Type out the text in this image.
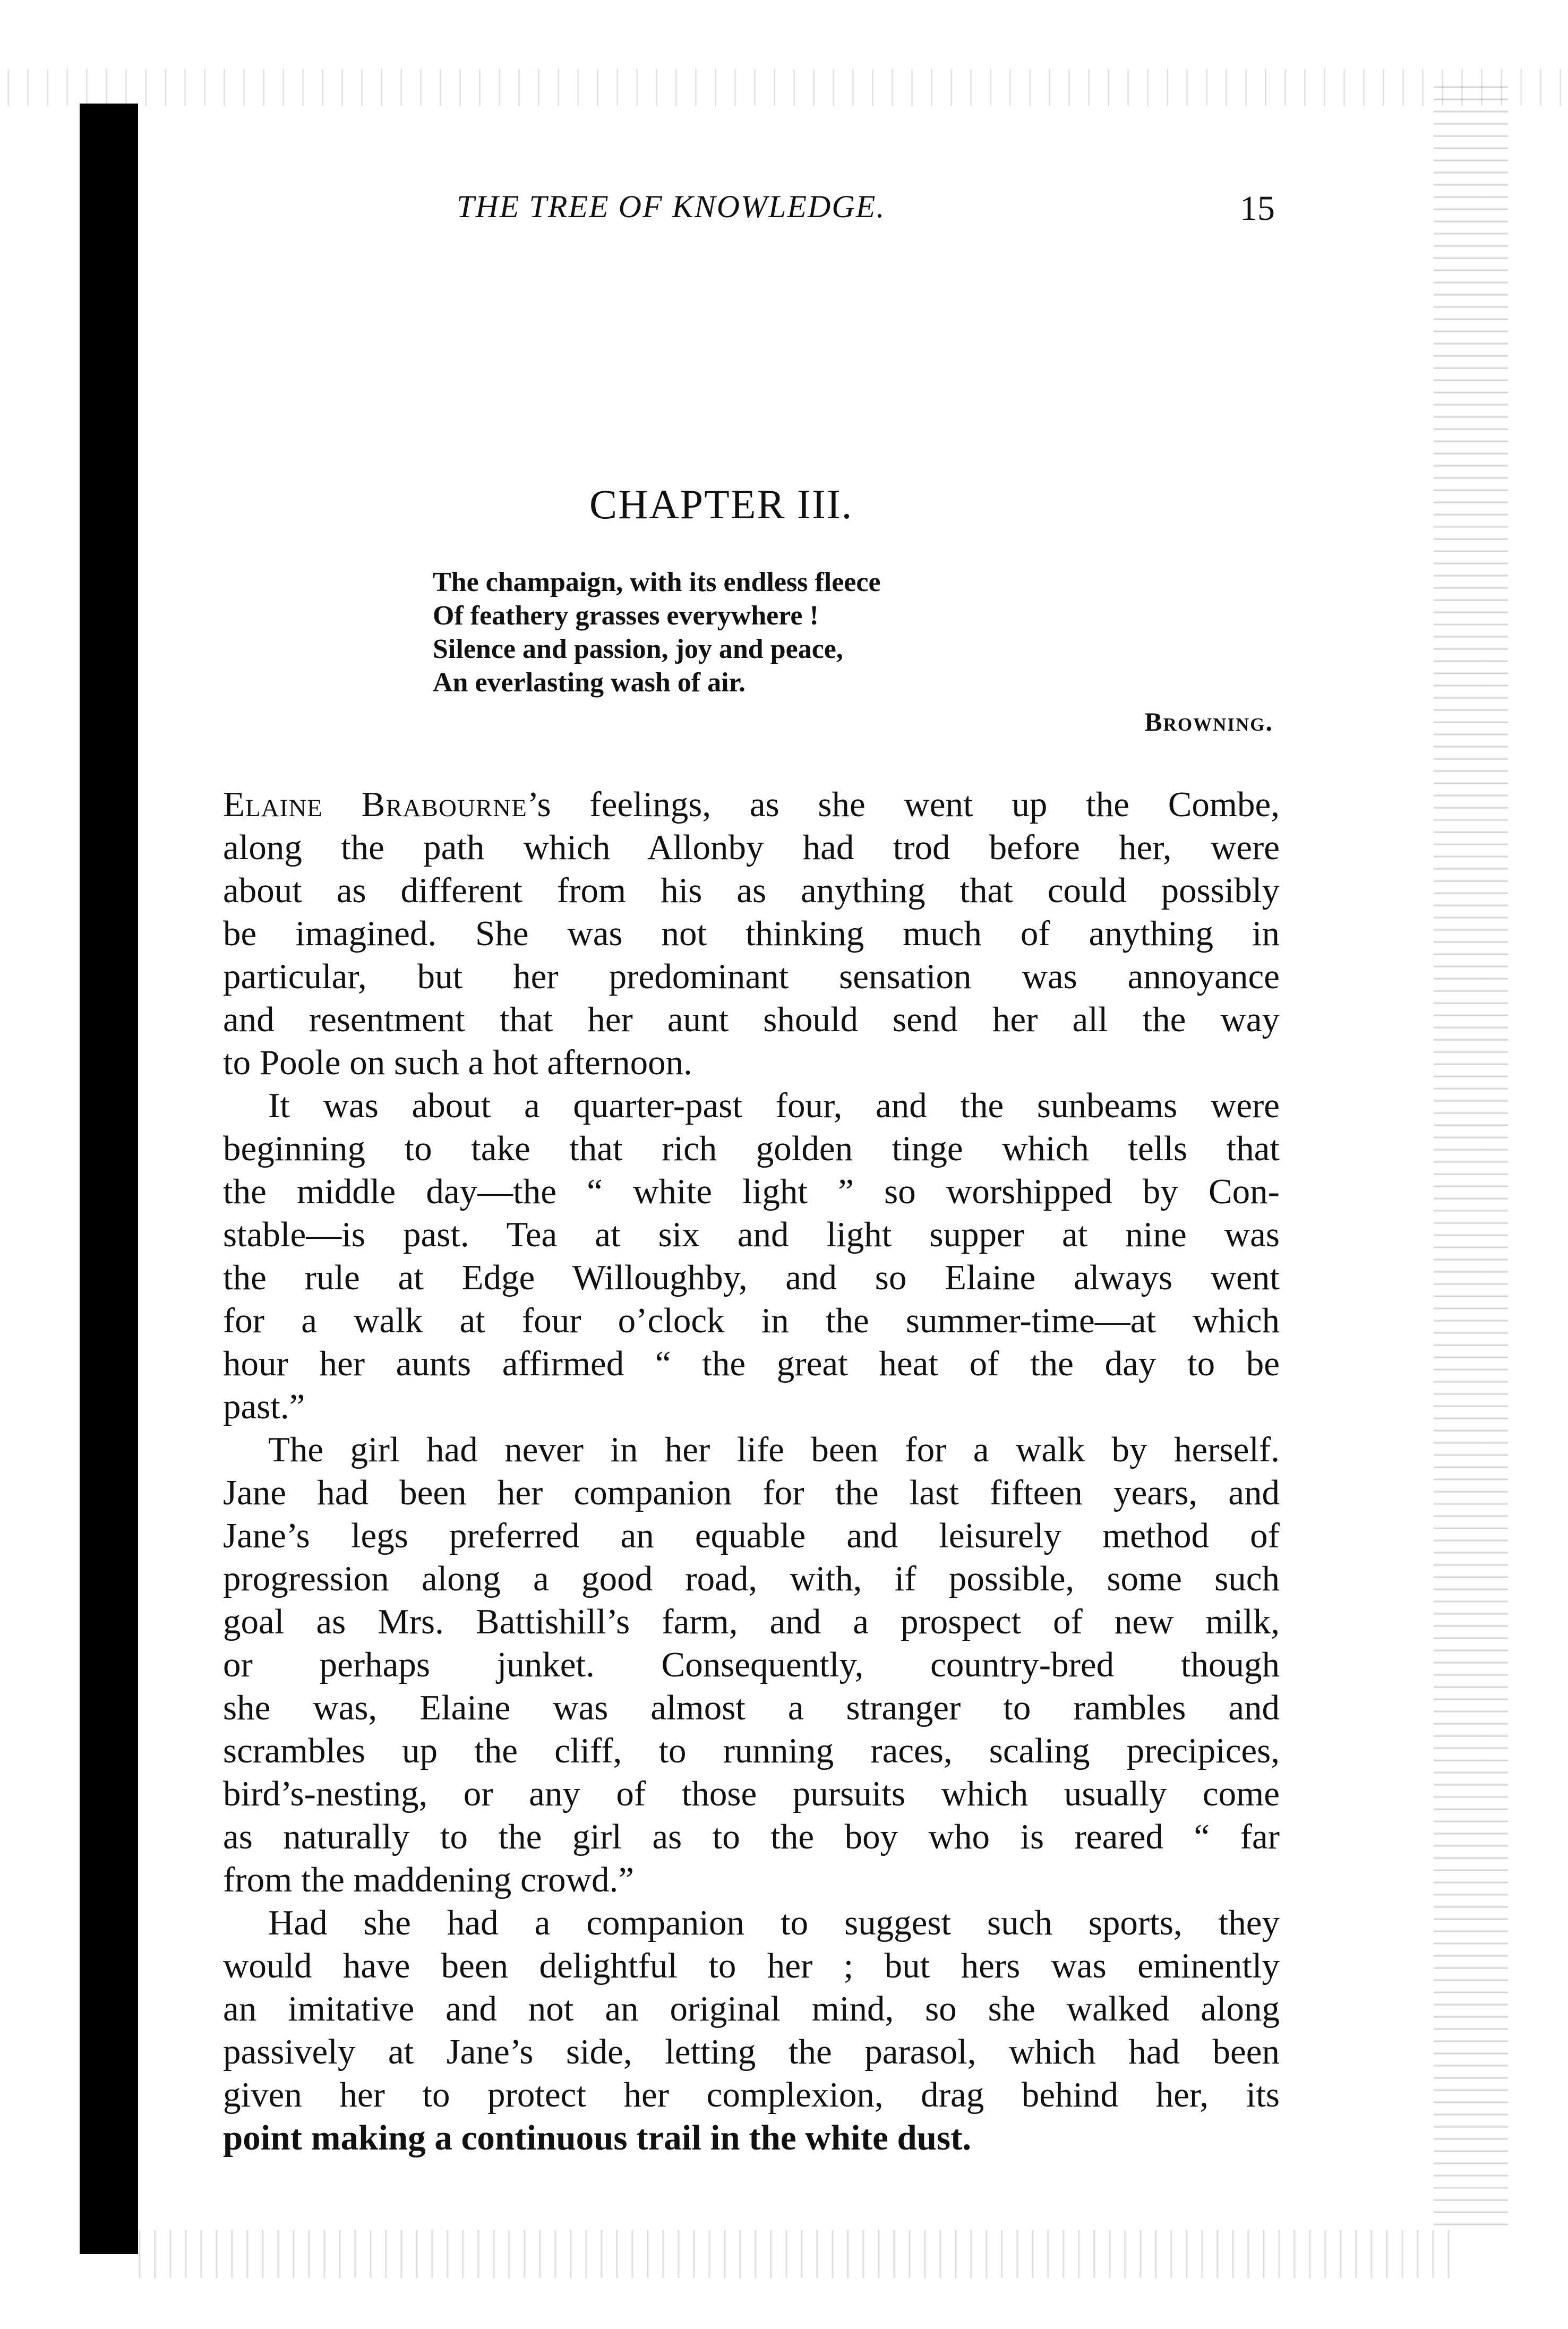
THE TREE OF KNOWLEDGE.	15
CHAPTER III.
The champaign, with its endless fleece
Of feathery grasses everywhere !
Silence and passion, joy and peace,
An everlasting wash of air.
Browning.
Elaine Brabourne’s feelings, as she went up the Combe,
along the path which Allonby had trod before her, were
about as different from his as anything that could possibly
be imagined. She was not thinking much of anything in
particular, but her predominant sensation was annoyance
and resentment that her aunt should send her all the way
to Poole on such a hot afternoon.
It was about a quarter-past four, and the sunbeams were
beginning to take that rich golden tinge which tells that
the middle day—the “ white light ” so worshipped by Con-
stable—is past. Tea at six and light supper at nine was
the rule at Edge Willoughby, and so Elaine always went
for a walk at four o’clock in the summer-time—at which
hour her aunts affirmed “ the great heat of the day to be
past.”
The girl had never in her life been for a walk by herself.
Jane had been her companion for the last fifteen years, and
Jane’s legs preferred an equable and leisurely method of
progression along a good road, with, if possible, some such
goal as Mrs. Battishill’s farm, and a prospect of new milk,
or perhaps junket. Consequently, country-bred though
she was, Elaine was almost a stranger to rambles and
scrambles up the cliff, to running races, scaling precipices,
bird’s-nesting, or any of those pursuits which usually come
as naturally to the girl as to the boy who is reared “ far
from the maddening crowd.”
Had she had a companion to suggest such sports, they
would have been delightful to her ; but hers was eminently
an imitative and not an original mind, so she walked along
passively at Jane’s side, letting the parasol, which had been
given her to protect her complexion, drag behind her, its
point making a continuous trail in the white dust.
